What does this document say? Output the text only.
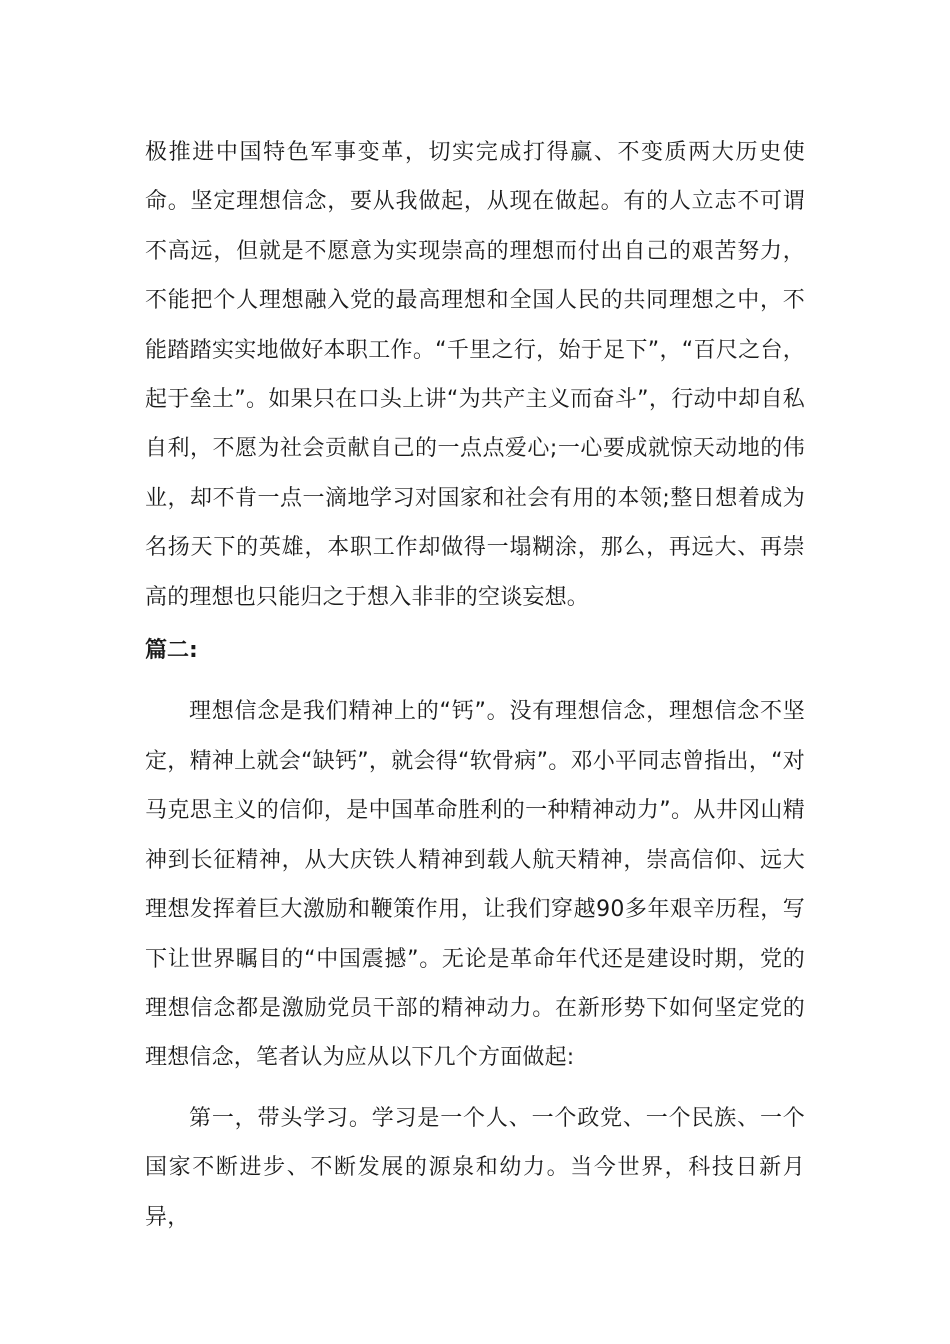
极推进中国特色军事变革，切实完成打得赢、不变质两大历史使命。坚定理想信念，要从我做起，从现在做起。有的人立志不可谓不高远，但就是不愿意为实现崇高的理想而付出自己的艰苦努力，不能把个人理想融入党的最高理想和全国人民的共同理想之中，不能踏踏实实地做好本职工作。“千里之行，始于足下”，“百尺之台，起于垒土”。如果只在口头上讲“为共产主义而奋斗”，行动中却自私自利，不愿为社会贡献自己的一点点爱心;一心要成就惊天动地的伟业，却不肯一点一滴地学习对国家和社会有用的本领;整日想着成为名扬天下的英雄，本职工作却做得一塌糊涂，那么，再远大、再崇高的理想也只能归之于想入非非的空谈妄想。

篇二:

理想信念是我们精神上的“钙”。没有理想信念，理想信念不坚定，精神上就会“缺钙”，就会得“软骨病”。邓小平同志曾指出，“对马克思主义的信仰，是中国革命胜利的一种精神动力”。从井冈山精神到长征精神，从大庆铁人精神到载人航天精神，崇高信仰、远大理想发挥着巨大激励和鞭策作用，让我们穿越90多年艰辛历程，写下让世界瞩目的“中国震撼”。无论是革命年代还是建设时期，党的理想信念都是激励党员干部的精神动力。在新形势下如何坚定党的理想信念，笔者认为应从以下几个方面做起:

第一，带头学习。学习是一个人、一个政党、一个民族、一个国家不断进步、不断发展的源泉和幼力。当今世界，科技日新月异，
